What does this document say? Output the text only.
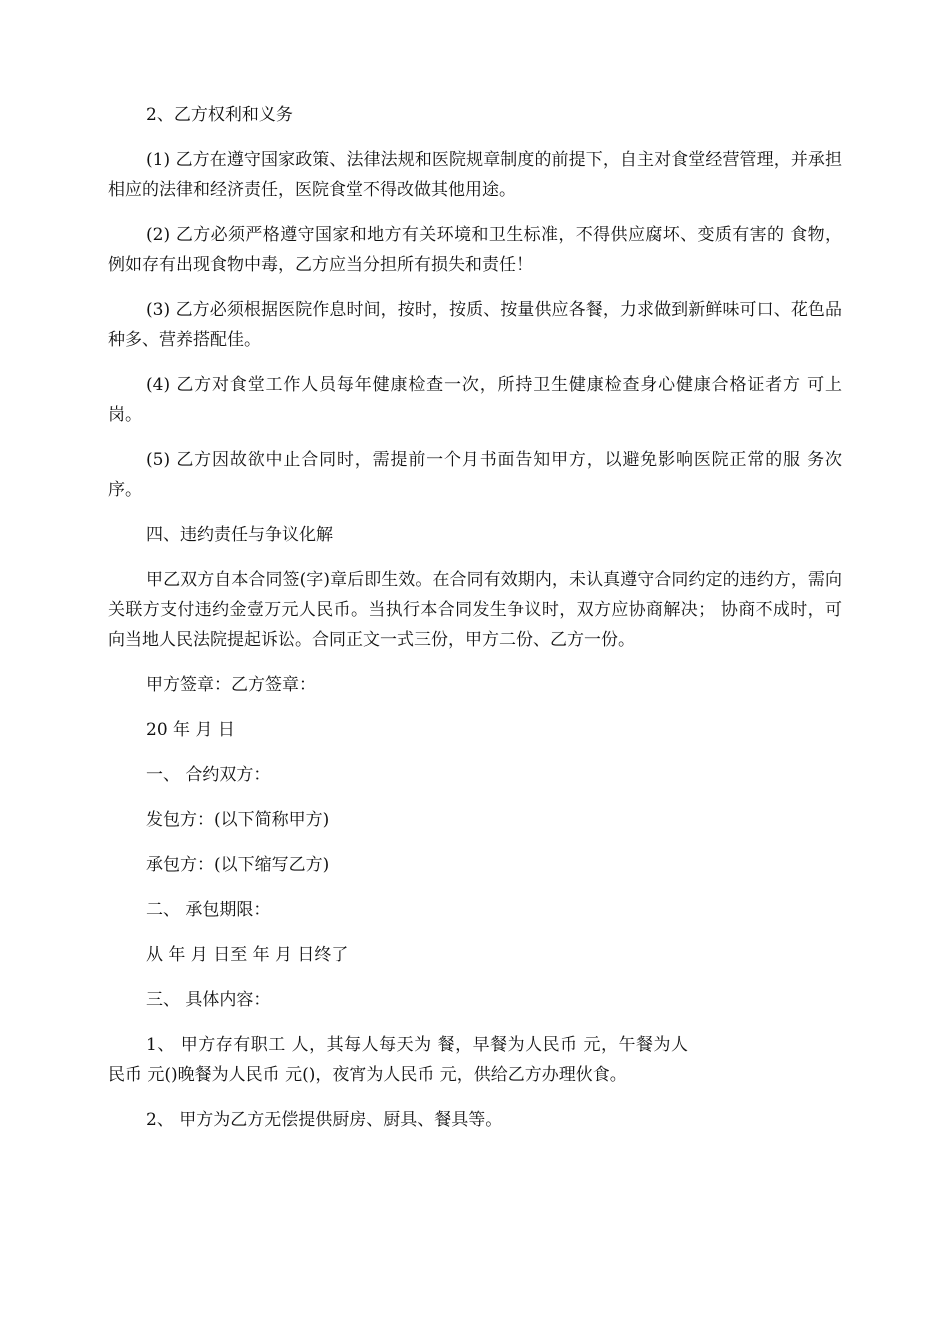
2、乙方权利和义务

(1) 乙方在遵守国家政策、法律法规和医院规章制度的前提下，自主对食堂经营管理，并承担相应的法律和经济责任，医院食堂不得改做其他用途。

(2) 乙方必须严格遵守国家和地方有关环境和卫生标准，不得供应腐坏、变质有害的 食物，例如存有出现食物中毒，乙方应当分担所有损失和责任！

(3) 乙方必须根据医院作息时间，按时，按质、按量供应各餐，力求做到新鲜味可口、花色品种多、营养搭配佳。

(4) 乙方对食堂工作人员每年健康检查一次，所持卫生健康检查身心健康合格证者方 可上岗。

(5) 乙方因故欲中止合同时，需提前一个月书面告知甲方，以避免影响医院正常的服 务次序。

四、违约责任与争议化解

甲乙双方自本合同签(字)章后即生效。在合同有效期内，未认真遵守合同约定的违约方，需向关联方支付违约金壹万元人民币。当执行本合同发生争议时，双方应协商解决； 协商不成时，可向当地人民法院提起诉讼。合同正文一式三份，甲方二份、乙方一份。

甲方签章：乙方签章：

20 年 月 日

一、 合约双方：

发包方：(以下简称甲方)

承包方：(以下缩写乙方)

二、 承包期限：

从 年 月 日至 年 月 日终了

三、 具体内容：

1、 甲方存有职工 人，其每人每天为 餐，早餐为人民币 元，午餐为人民币 元()晚餐为人民币 元()，夜宵为人民币 元，供给乙方办理伙食。

2、 甲方为乙方无偿提供厨房、厨具、餐具等。
